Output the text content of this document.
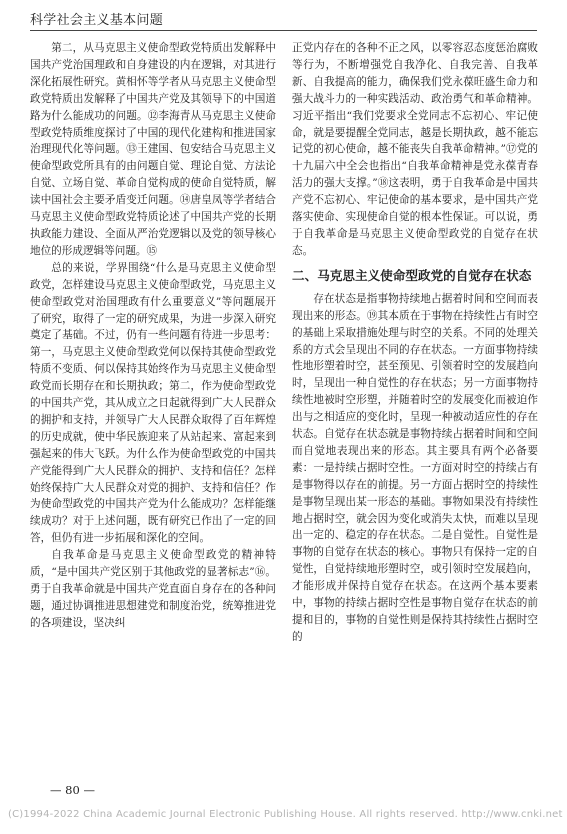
科学社会主义基本问题

第二，从马克思主义使命型政党特质出发解释中国共产党治国理政和自身建设的内在逻辑，对其进行深化拓展性研究。黄相怀等学者从马克思主义使命型政党特质出发解释了中国共产党及其领导下的中国道路为什么能成功的问题。⑫李海青从马克思主义使命型政党特质维度探讨了中国的现代化建构和推进国家治理现代化等问题。⑬王建国、包安结合马克思主义使命型政党所具有的由问题自觉、理论自觉、方法论自觉、立场自觉、革命自觉构成的使命自觉特质，解读中国社会主要矛盾变迁问题。⑭唐皇凤等学者结合马克思主义使命型政党特质论述了中国共产党的长期执政能力建设、全面从严治党逻辑以及党的领导核心地位的形成逻辑等问题。⑮

总的来说，学界围绕“什么是马克思主义使命型政党，怎样建设马克思主义使命型政党，马克思主义使命型政党对治国理政有什么重要意义”等问题展开了研究，取得了一定的研究成果，为进一步深入研究奠定了基础。不过，仍有一些问题有待进一步思考：第一，马克思主义使命型政党何以保持其使命型政党特质不变质、何以保持其始终作为马克思主义使命型政党而长期存在和长期执政；第二，作为使命型政党的中国共产党，其从成立之日起就得到广大人民群众的拥护和支持，并领导广大人民群众取得了百年辉煌的历史成就，使中华民族迎来了从站起来、富起来到强起来的伟大飞跃。为什么作为使命型政党的中国共产党能得到广大人民群众的拥护、支持和信任？怎样始终保持广大人民群众对党的拥护、支持和信任？作为使命型政党的中国共产党为什么能成功？怎样能继续成功？对于上述问题，既有研究已作出了一定的回答，但仍有进一步拓展和深化的空间。

自我革命是马克思主义使命型政党的精神特质，“是中国共产党区别于其他政党的显著标志”⑯。勇于自我革命就是中国共产党直面自身存在的各种问题，通过协调推进思想建党和制度治党，统筹推进党的各项建设，坚决纠

正党内存在的各种不正之风，以零容忍态度惩治腐败等行为，不断增强党自我净化、自我完善、自我革新、自我提高的能力，确保我们党永葆旺盛生命力和强大战斗力的一种实践活动、政治勇气和革命精神。习近平指出“我们党要求全党同志不忘初心、牢记使命，就是要提醒全党同志，越是长期执政，越不能忘记党的初心使命，越不能丧失自我革命精神。”⑰党的十九届六中全会也指出“自我革命精神是党永葆青春活力的强大支撑。”⑱这表明，勇于自我革命是中国共产党不忘初心、牢记使命的基本要求，是中国共产党落实使命、实现使命自觉的根本性保证。可以说，勇于自我革命是马克思主义使命型政党的自觉存在状态。

二、马克思主义使命型政党的自觉存在状态

存在状态是指事物持续地占据着时间和空间而表现出来的形态。⑲其本质在于事物在持续性占有时空的基础上采取措施处理与时空的关系。不同的处理关系的方式会呈现出不同的存在状态。一方面事物持续性地形塑着时空，甚至预见、引领着时空的发展趋向时，呈现出一种自觉性的存在状态；另一方面事物持续性地被时空形塑，并随着时空的发展变化而被迫作出与之相适应的变化时，呈现一种被动适应性的存在状态。自觉存在状态就是事物持续占据着时间和空间而自觉地表现出来的形态。其主要具有两个必备要素：一是持续占据时空性。一方面对时空的持续占有是事物得以存在的前提。另一方面占据时空的持续性是事物呈现出某一形态的基础。事物如果没有持续性地占据时空，就会因为变化或消失太快，而难以呈现出一定的、稳定的存在状态。二是自觉性。自觉性是事物的自觉存在状态的核心。事物只有保持一定的自觉性，自觉持续地形塑时空，或引领时空发展趋向，才能形成并保持自觉存在状态。在这两个基本要素中，事物的持续占据时空性是事物自觉存在状态的前提和目的，事物的自觉性则是保持其持续性占据时空的

— 80 —
(C)1994-2022 China Academic Journal Electronic Publishing House. All rights reserved. http://www.cnki.net
